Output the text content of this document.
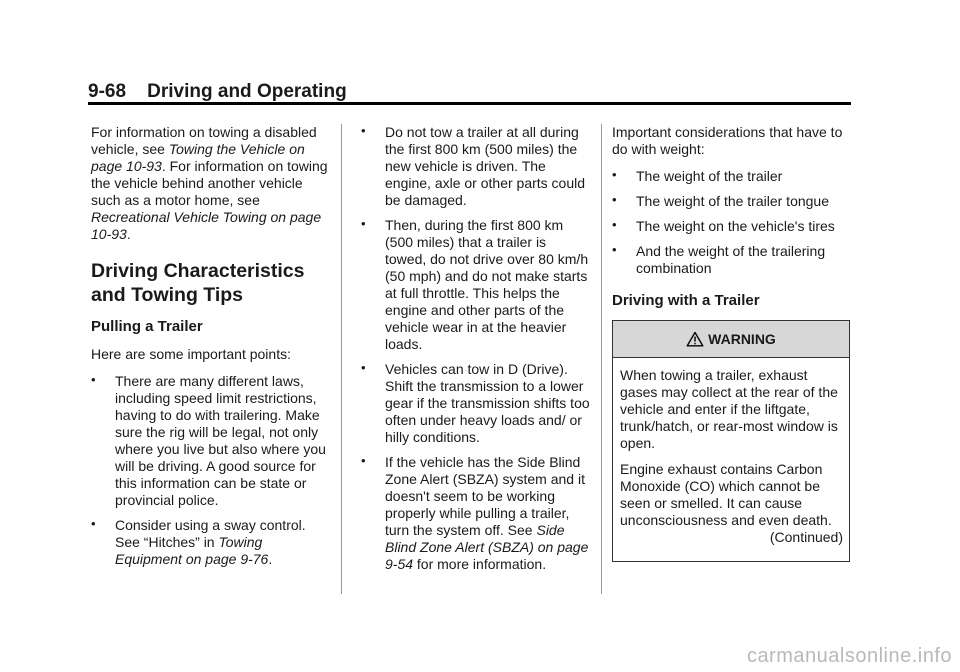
9-68 Driving and Operating

For information on towing a disabled vehicle, see Towing the Vehicle on page 10-93. For information on towing the vehicle behind another vehicle such as a motor home, see Recreational Vehicle Towing on page 10-93.

Driving Characteristics and Towing Tips
Pulling a Trailer

Here are some important points:

• There are many different laws, including speed limit restrictions, having to do with trailering. Make sure the rig will be legal, not only where you live but also where you will be driving. A good source for this information can be state or provincial police.
• Consider using a sway control. See “Hitches” in Towing Equipment on page 9-76.
• Do not tow a trailer at all during the first 800 km (500 miles) the new vehicle is driven. The engine, axle or other parts could be damaged.
• Then, during the first 800 km (500 miles) that a trailer is towed, do not drive over 80 km/h (50 mph) and do not make starts at full throttle. This helps the engine and other parts of the vehicle wear in at the heavier loads.
• Vehicles can tow in D (Drive). Shift the transmission to a lower gear if the transmission shifts too often under heavy loads and/ or hilly conditions.
• If the vehicle has the Side Blind Zone Alert (SBZA) system and it doesn't seem to be working properly while pulling a trailer, turn the system off. See Side Blind Zone Alert (SBZA) on page 9-54 for more information.

Important considerations that have to do with weight:

• The weight of the trailer
• The weight of the trailer tongue
• The weight on the vehicle's tires
• And the weight of the trailering combination
Driving with a Trailer
WARNING

When towing a trailer, exhaust gases may collect at the rear of the vehicle and enter if the liftgate, trunk/hatch, or rear-most window is open.

Engine exhaust contains Carbon Monoxide (CO) which cannot be seen or smelled. It can cause unconsciousness and even death.

(Continued)

carmanualsonline.info
